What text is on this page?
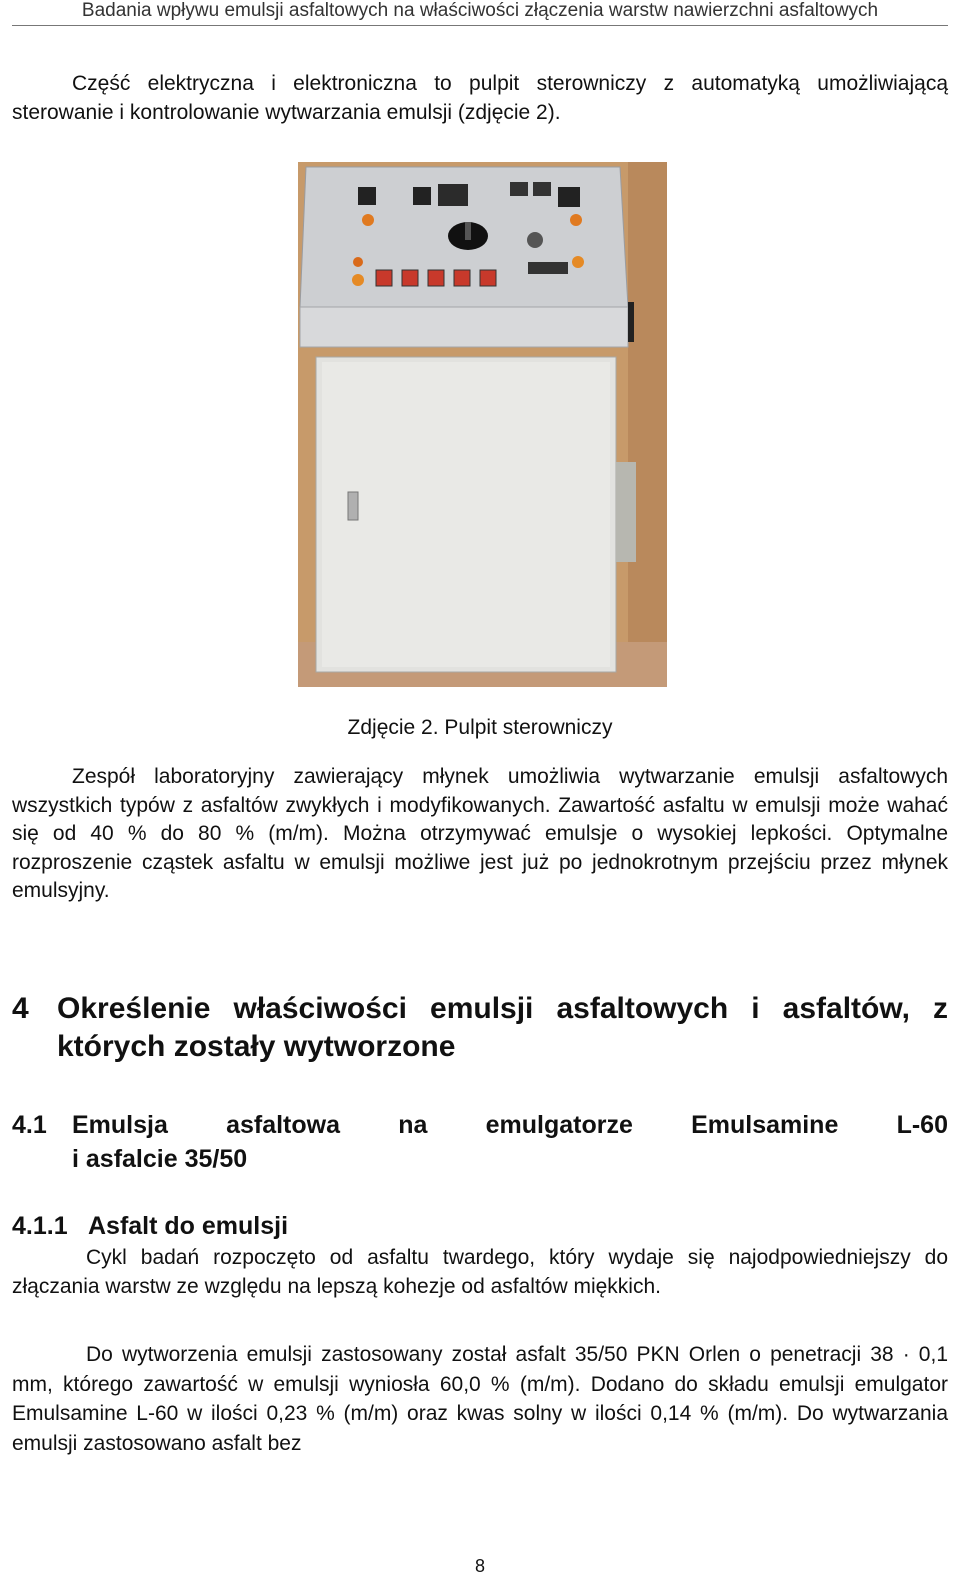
Badania wpływu emulsji asfaltowych na właściwości złączenia warstw nawierzchni asfaltowych
Część elektryczna i elektroniczna to pulpit sterowniczy z automatyką umożliwiającą sterowanie i kontrolowanie wytwarzania emulsji (zdjęcie 2).
Zdjęcie 2. Pulpit sterowniczy
Zespół laboratoryjny zawierający młynek umożliwia wytwarzanie emulsji asfaltowych wszystkich typów z asfaltów zwykłych i modyfikowanych. Zawartość asfaltu w emulsji może wahać się od 40 % do 80 % (m/m). Można otrzymywać emulsje o wysokiej lepkości. Optymalne rozproszenie cząstek asfaltu w emulsji możliwe jest już po jednokrotnym przejściu przez młynek emulsyjny.
4 Określenie właściwości emulsji asfaltowych i asfaltów, z których zostały wytworzone
4.1 Emulsja asfaltowa na emulgatorze Emulsamine L-60
i asfalcie 35/50
4.1.1 Asfalt do emulsji
Cykl badań rozpoczęto od asfaltu twardego, który wydaje się najodpowiedniejszy do złączania warstw ze względu na lepszą kohezje od asfaltów miękkich.
Do wytworzenia emulsji zastosowany został asfalt 35/50 PKN Orlen o penetracji 38 · 0,1 mm, którego zawartość w emulsji wyniosła 60,0 % (m/m). Dodano do składu emulsji emulgator Emulsamine L-60 w ilości 0,23 % (m/m) oraz kwas solny w ilości 0,14 % (m/m). Do wytwarzania emulsji zastosowano asfalt bez
8
